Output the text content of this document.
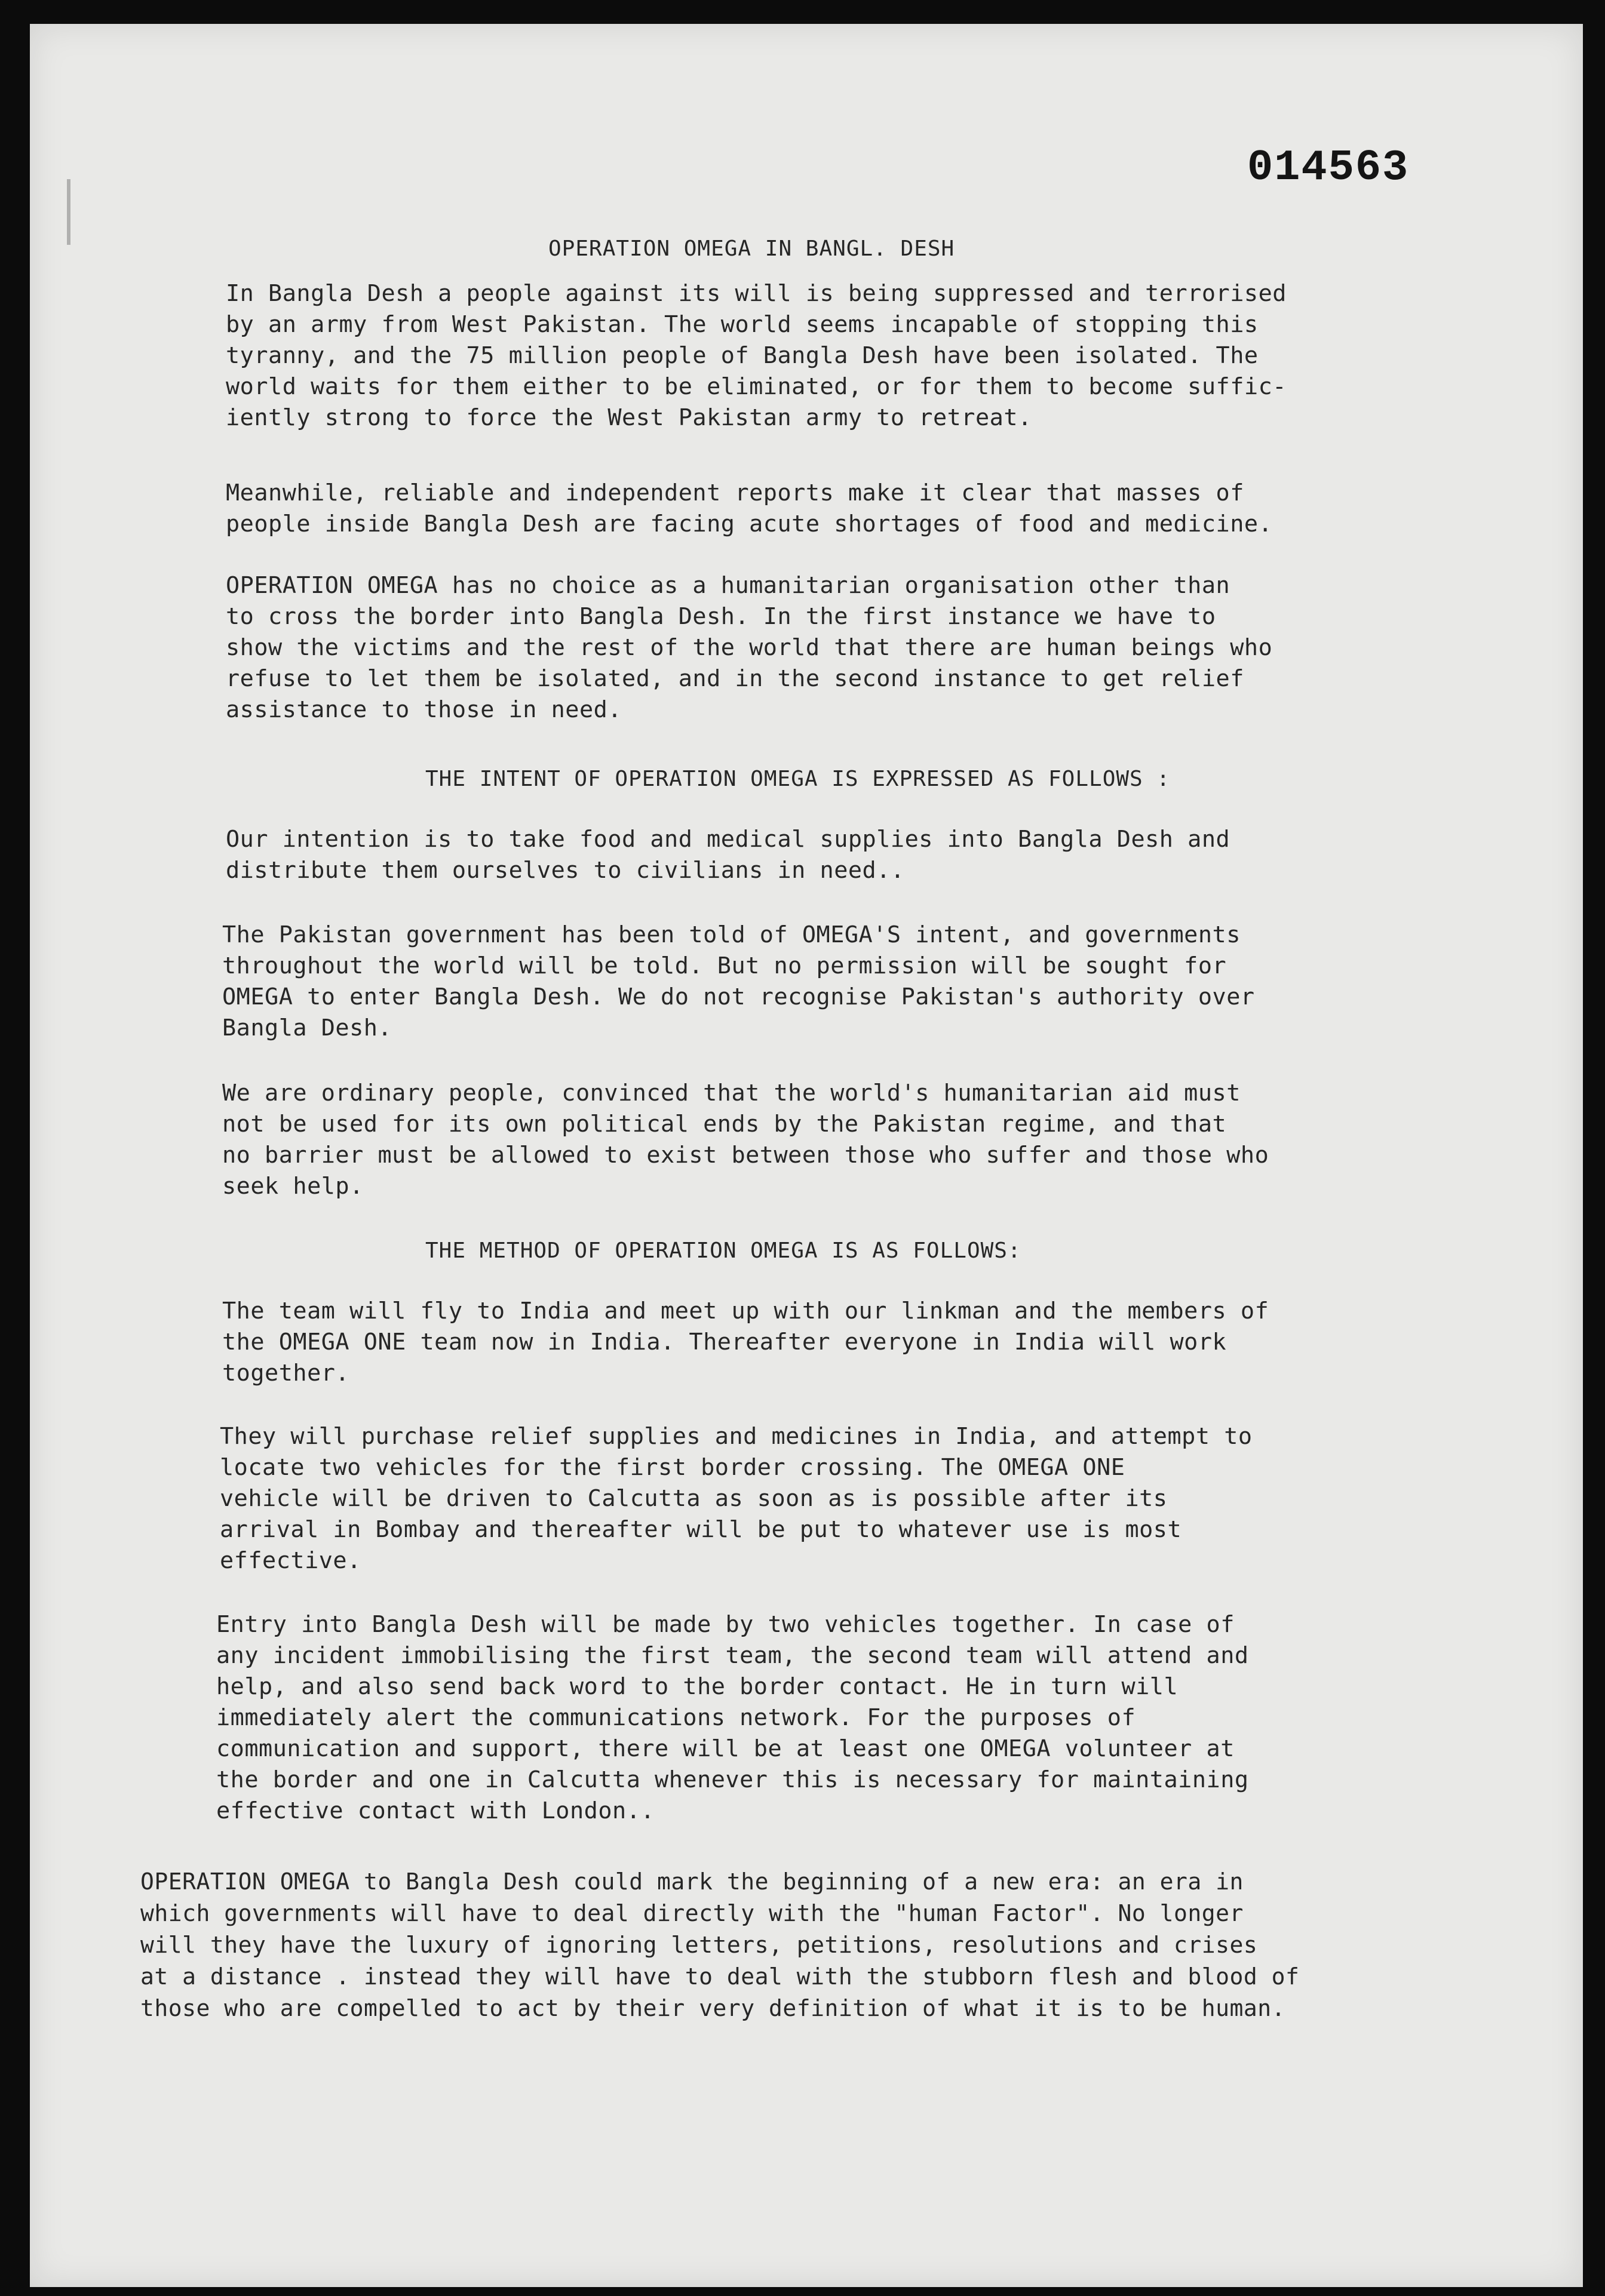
014563
OPERATION OMEGA IN BANGL. DESH
In Bangla Desh a people against its will is being suppressed and terrorised
by an army from West Pakistan. The world seems incapable of stopping this
tyranny, and the 75 million people of Bangla Desh have been isolated. The
world waits for them either to be eliminated, or for them to become suffic-
iently strong to force the West Pakistan army to retreat.
Meanwhile, reliable and independent reports make it clear that masses of
people inside Bangla Desh are facing acute shortages of food and medicine.
OPERATION OMEGA has no choice as a humanitarian organisation other than
to cross the border into Bangla Desh. In the first instance we have to
show the victims and the rest of the world that there are human beings who
refuse to let them be isolated, and in the second instance to get relief
assistance to those in need.
THE INTENT OF OPERATION OMEGA IS EXPRESSED AS FOLLOWS :
Our intention is to take food and medical supplies into Bangla Desh and
distribute them ourselves to civilians in need..
The Pakistan government has been told of OMEGA'S intent, and governments
throughout the world will be told. But no permission will be sought for
OMEGA to enter Bangla Desh. We do not recognise Pakistan's authority over
Bangla Desh.
We are ordinary people, convinced that the world's humanitarian aid must
not be used for its own political ends by the Pakistan regime, and that
no barrier must be allowed to exist between those who suffer and those who
seek help.
THE METHOD OF OPERATION OMEGA IS AS FOLLOWS:
The team will fly to India and meet up with our linkman and the members of
the OMEGA ONE team now in India. Thereafter everyone in India will work
together.
They will purchase relief supplies and medicines in India, and attempt to
locate two vehicles for the first border crossing. The OMEGA ONE
vehicle will be driven to Calcutta as soon as is possible after its
arrival in Bombay and thereafter will be put to whatever use is most
effective.
Entry into Bangla Desh will be made by two vehicles together. In case of
any incident immobilising the first team, the second team will attend and
help, and also send back word to the border contact. He in turn will
immediately alert the communications network. For the purposes of
communication and support, there will be at least one OMEGA volunteer at
the border and one in Calcutta whenever this is necessary for maintaining
effective contact with London..
OPERATION OMEGA to Bangla Desh could mark the beginning of a new era: an era in
which governments will have to deal directly with the "human Factor". No longer
will they have the luxury of ignoring letters, petitions, resolutions and crises
at a distance . instead they will have to deal with the stubborn flesh and blood of
those who are compelled to act by their very definition of what it is to be human.
